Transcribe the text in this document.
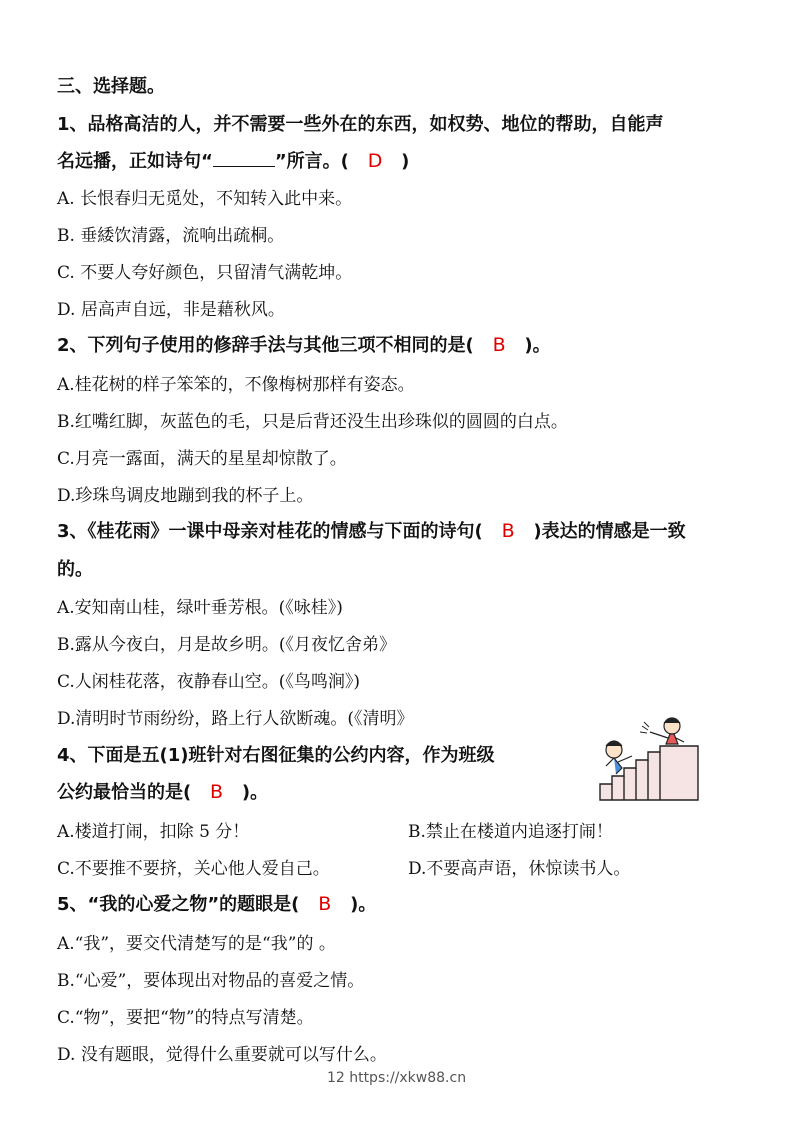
三、选择题。
1、品格高洁的人，并不需要一些外在的东西，如权势、地位的帮助，自能声
名远播，正如诗句“	”所言。( D )
A. 长恨春归无觅处，不知转入此中来。
B. 垂緌饮清露，流响出疏桐。
C. 不要人夸好颜色，只留清气满乾坤。
D. 居高声自远，非是藉秋风。
2、下列句子使用的修辞手法与其他三项不相同的是( B )。
A.桂花树的样子笨笨的，不像梅树那样有姿态。
B.红嘴红脚，灰蓝色的毛，只是后背还没生出珍珠似的圆圆的白点。
C.月亮一露面，满天的星星却惊散了。
D.珍珠鸟调皮地蹦到我的杯子上。
3、《桂花雨》一课中母亲对桂花的情感与下面的诗句( B )表达的情感是一致
的。
A.安知南山桂，绿叶垂芳根。(《咏桂》)
B.露从今夜白，月是故乡明。(《月夜忆舍弟》
C.人闲桂花落，夜静春山空。(《鸟鸣涧》)
D.清明时节雨纷纷，路上行人欲断魂。(《清明》
4、下面是五(1)班针对右图征集的公约内容，作为班级
公约最恰当的是( B )。
A.楼道打闹，扣除 5 分！	B.禁止在楼道内追逐打闹！
C.不要推不要挤，关心他人爱自己。	D.不要高声语，休惊读书人。
5、“我的心爱之物”的题眼是( B )。
A.“我”，要交代清楚写的是“我”的 。
B.“心爱”，要体现出对物品的喜爱之情。
C.“物”，要把“物”的特点写清楚。
D. 没有题眼，觉得什么重要就可以写什么。
12 https://xkw88.cn
